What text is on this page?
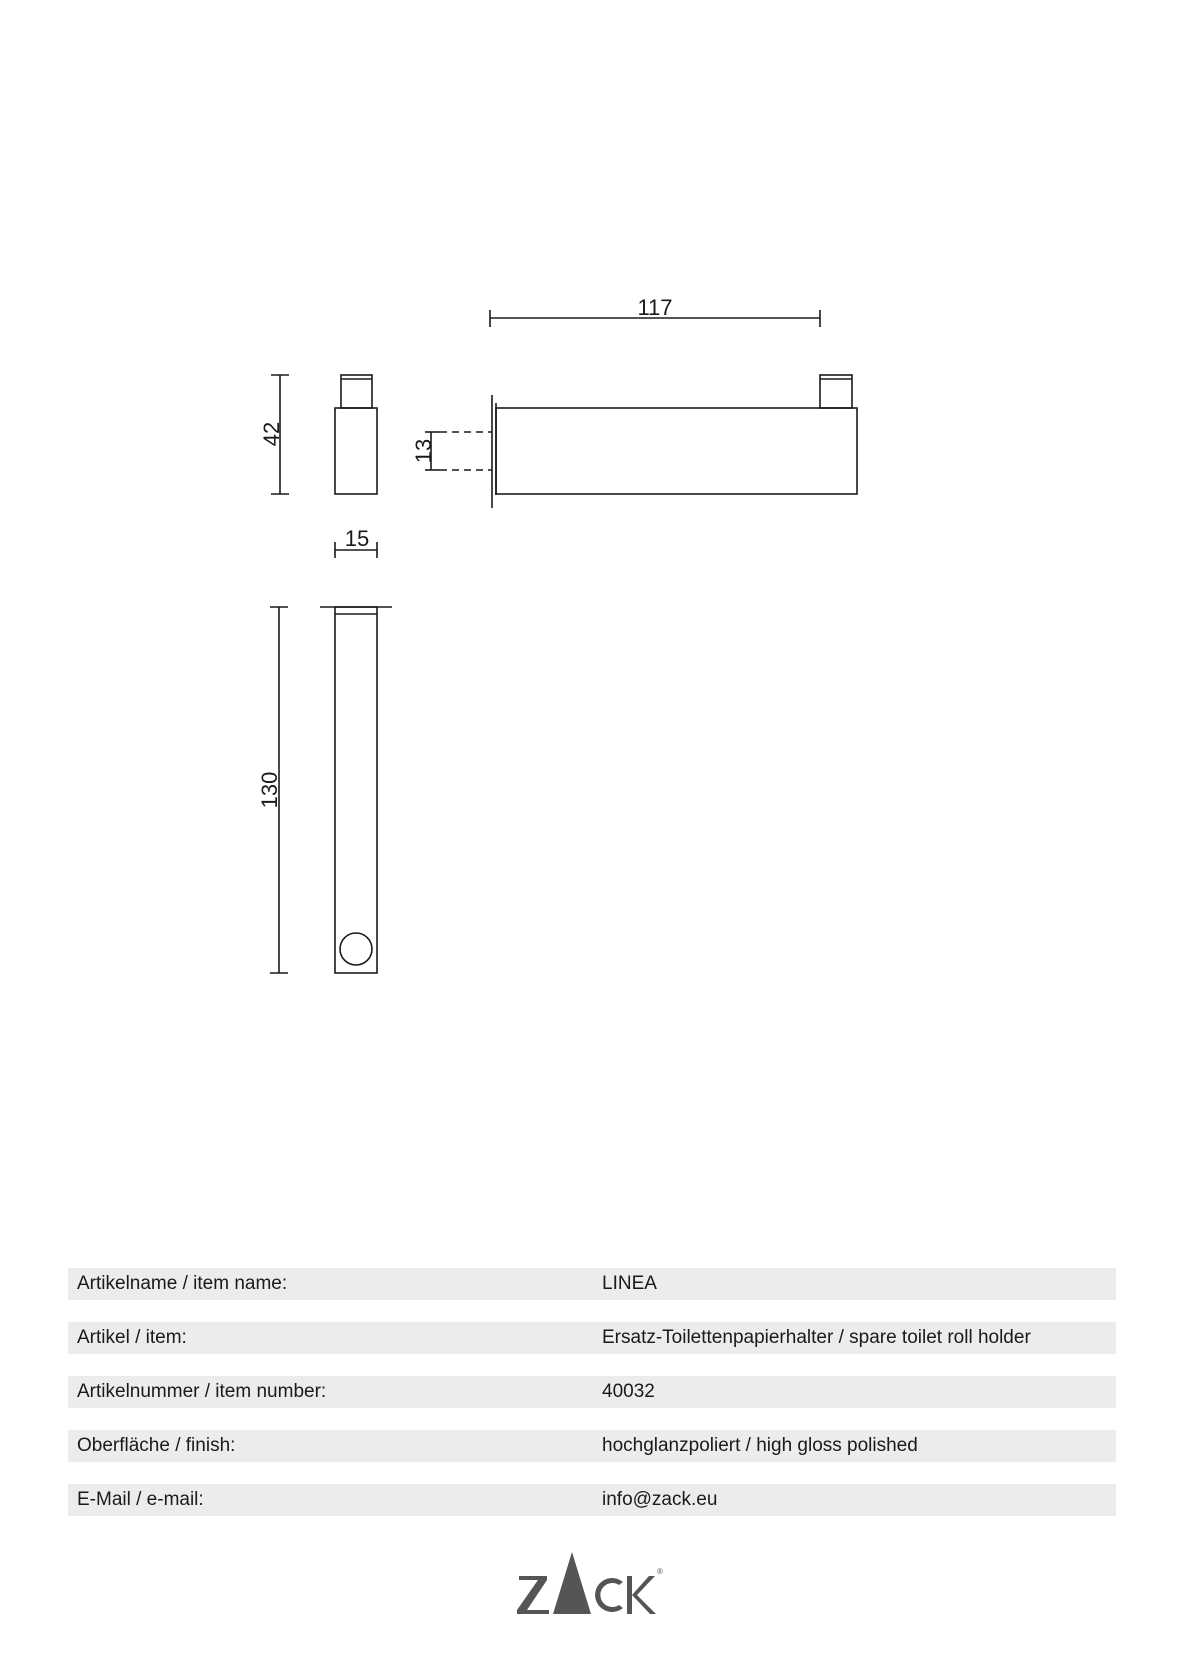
117
42
13
15
130
Artikelname / item name:	LINEA
Artikel / item:	Ersatz-Toilettenpapierhalter / spare toilet roll holder
Artikelnummer / item number:	40032
Oberfläche / finish:	hochglanzpoliert / high gloss polished
E-Mail / e-mail:	info@zack.eu
®
